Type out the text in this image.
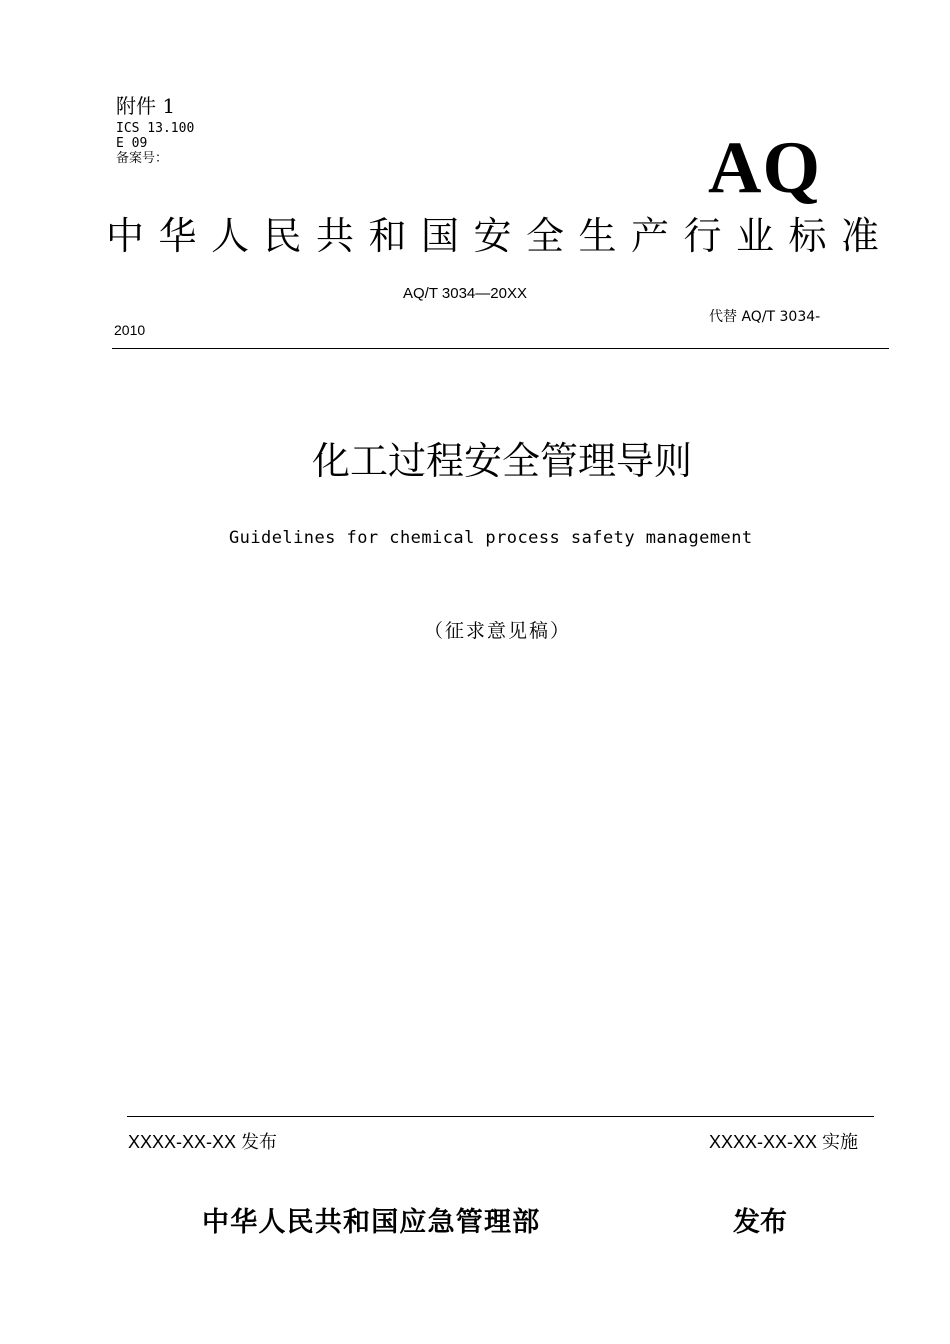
附件 1
ICS 13.100
E 09
备案号：	AQ
中华人民共和国安全生产行业标准
AQ/T 3034—20XX
代替 AQ/T 3034-
2010
化工过程安全管理导则
Guidelines for chemical process safety management
（征求意见稿）
XXXX-XX-XX 发布	XXXX-XX-XX 实施
中华人民共和国应急管理部	发布
